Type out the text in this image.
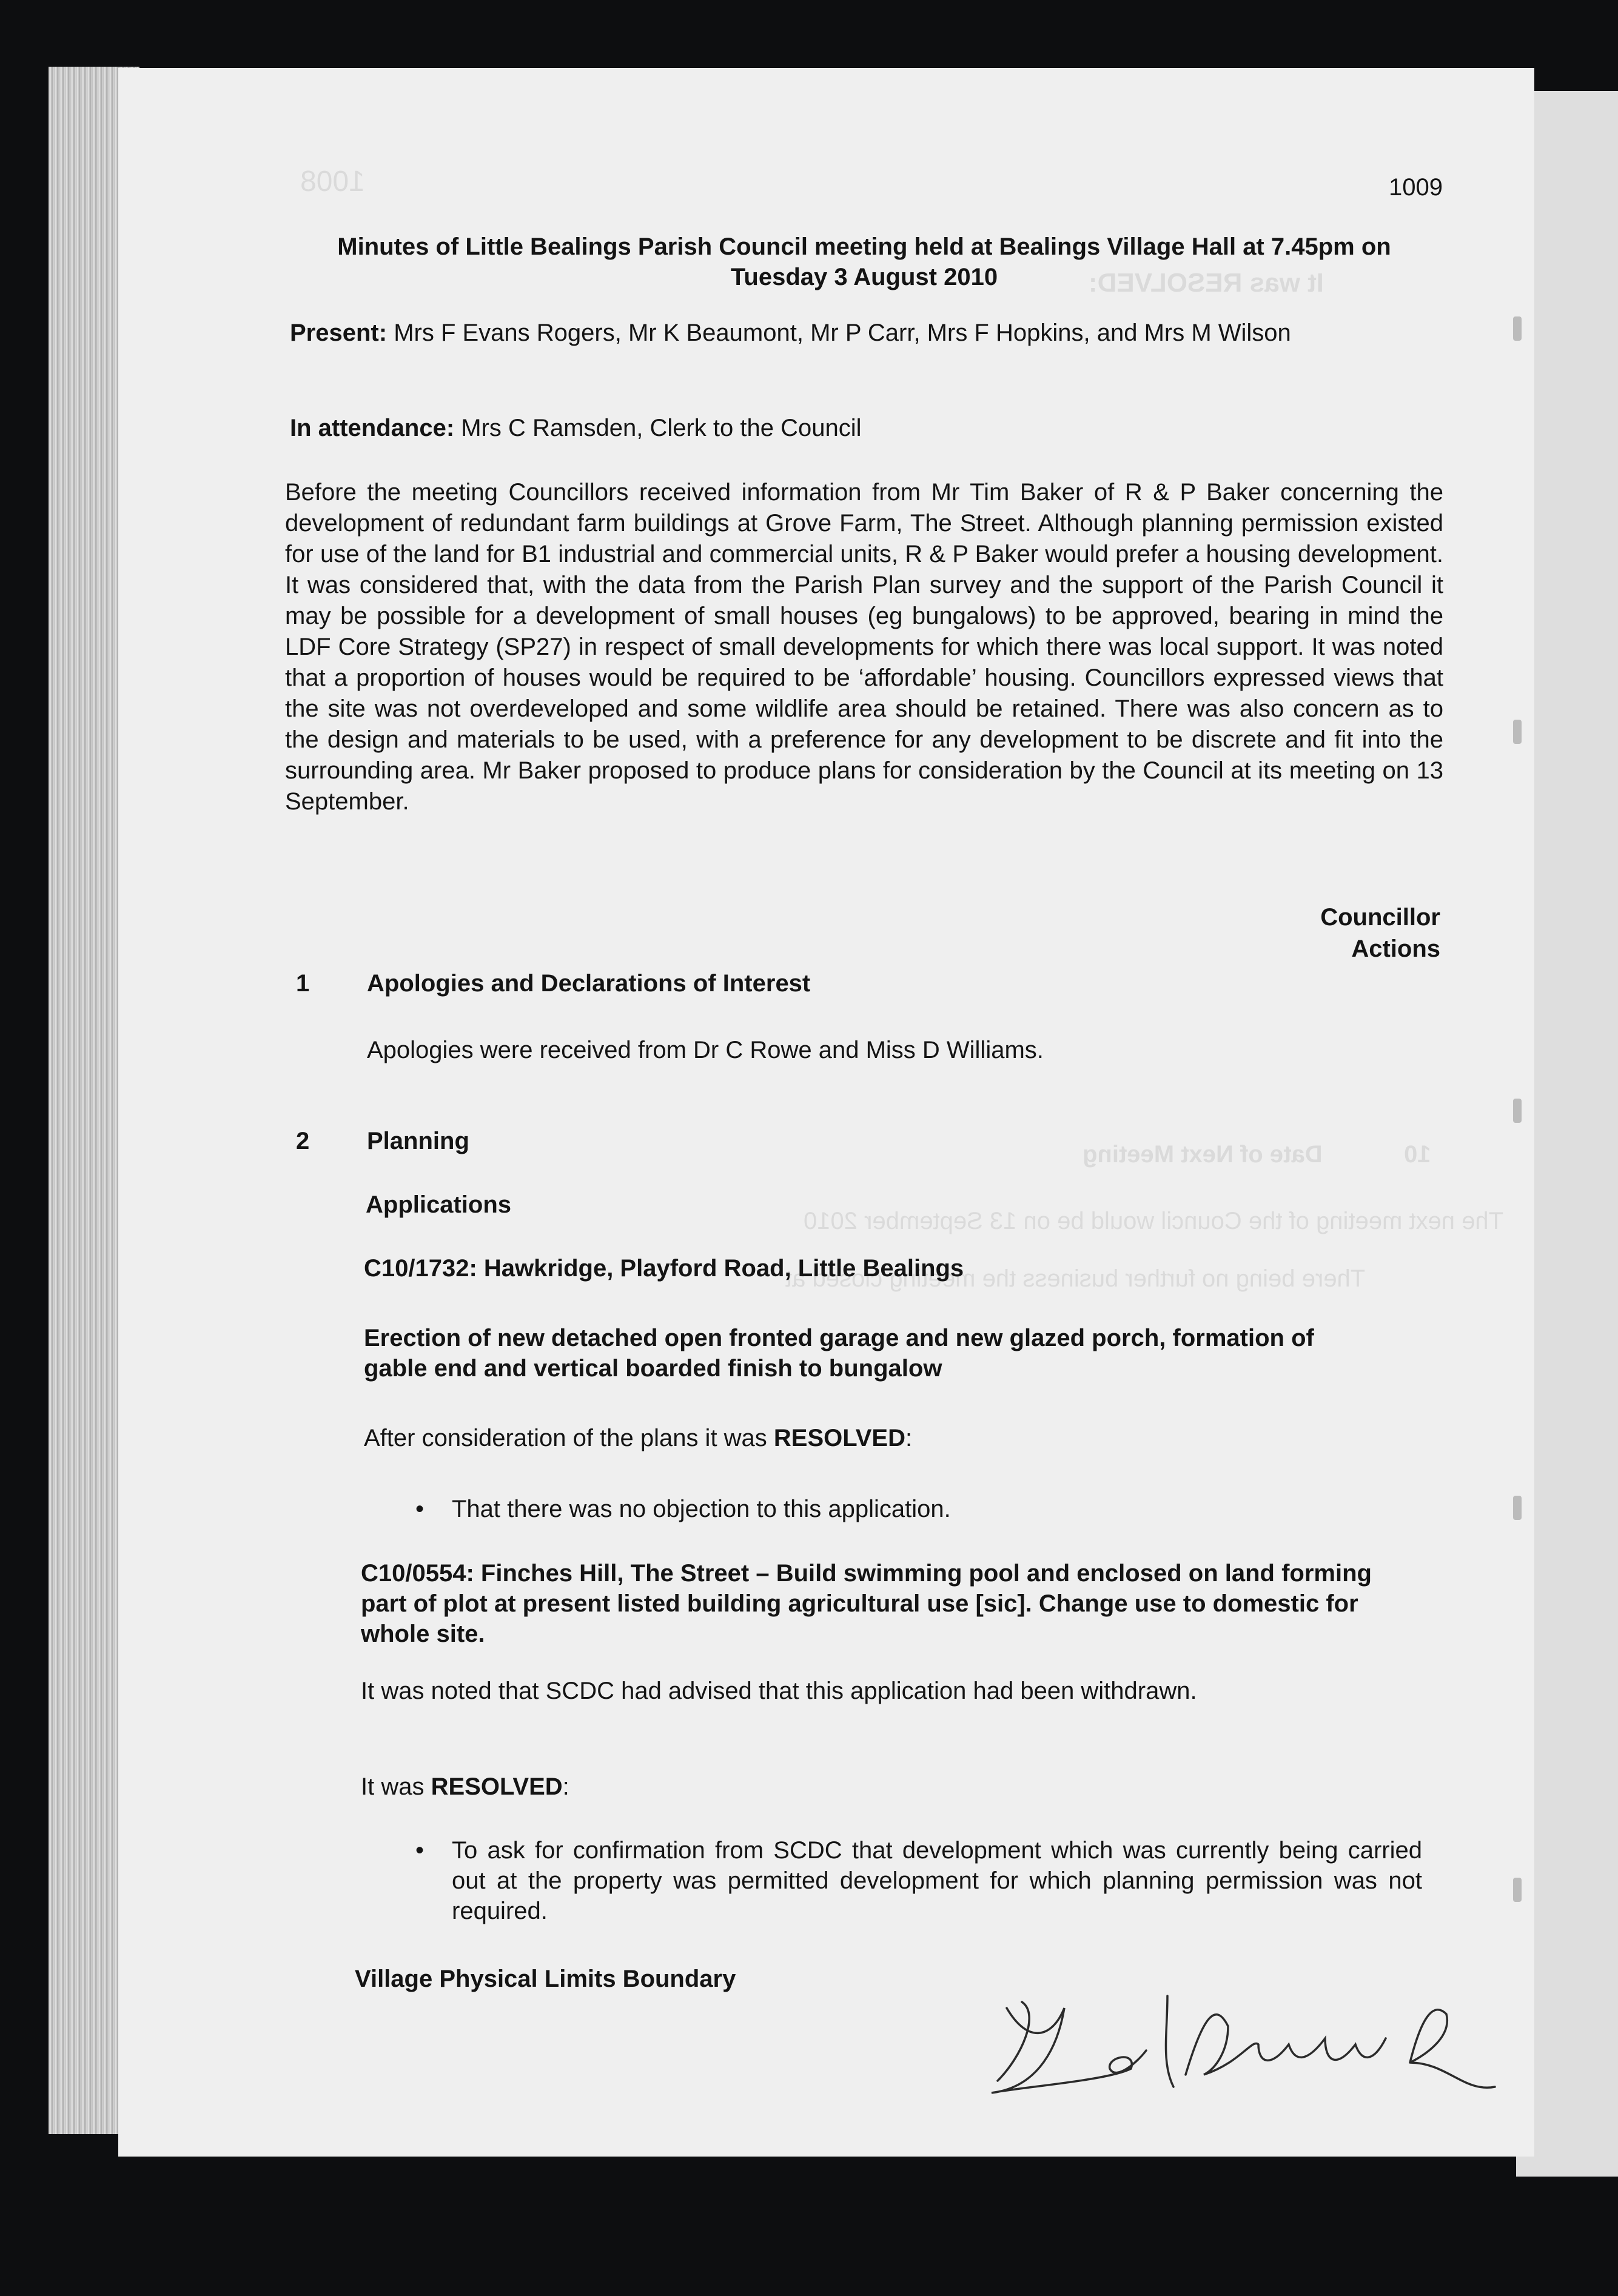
1008
It was RESOLVED:
Date of Next Meeting	10
The next meeting of the Council would be on 13 September 2010
There being no further business the meeting closed at
1009
Minutes of Little Bealings Parish Council meeting held at Bealings Village Hall at 7.45pm on Tuesday 3 August 2010
Present: Mrs F Evans Rogers, Mr K Beaumont, Mr P Carr, Mrs F Hopkins, and Mrs M Wilson
In attendance: Mrs C Ramsden, Clerk to the Council

Before the meeting Councillors received information from Mr Tim Baker of R & P Baker concerning the development of redundant farm buildings at Grove Farm, The Street. Although planning permission existed for use of the land for B1 industrial and commercial units, R & P Baker would prefer a housing development. It was considered that, with the data from the Parish Plan survey and the support of the Parish Council it may be possible for a development of small houses (eg bungalows) to be approved, bearing in mind the LDF Core Strategy (SP27) in respect of small developments for which there was local support. It was noted that a proportion of houses would be required to be ‘affordable’ housing. Councillors expressed views that the site was not overdeveloped and some wildlife area should be retained. There was also concern as to the design and materials to be used, with a preference for any development to be discrete and fit into the surrounding area. Mr Baker proposed to produce plans for consideration by the Council at its meeting on 13 September.

Councillor
Actions
1 Apologies and Declarations of Interest
Apologies were received from Dr C Rowe and Miss D Williams.
2 Planning
Applications
C10/1732: Hawkridge, Playford Road, Little Bealings
Erection of new detached open fronted garage and new glazed porch, formation of gable end and vertical boarded finish to bungalow
After consideration of the plans it was RESOLVED:
• That there was no objection to this application.
C10/0554: Finches Hill, The Street – Build swimming pool and enclosed on land forming part of plot at present listed building agricultural use [sic]. Change use to domestic for whole site.
It was noted that SCDC had advised that this application had been withdrawn.
It was RESOLVED:
• To ask for confirmation from SCDC that development which was currently being carried out at the property was permitted development for which planning permission was not required.
Village Physical Limits Boundary
